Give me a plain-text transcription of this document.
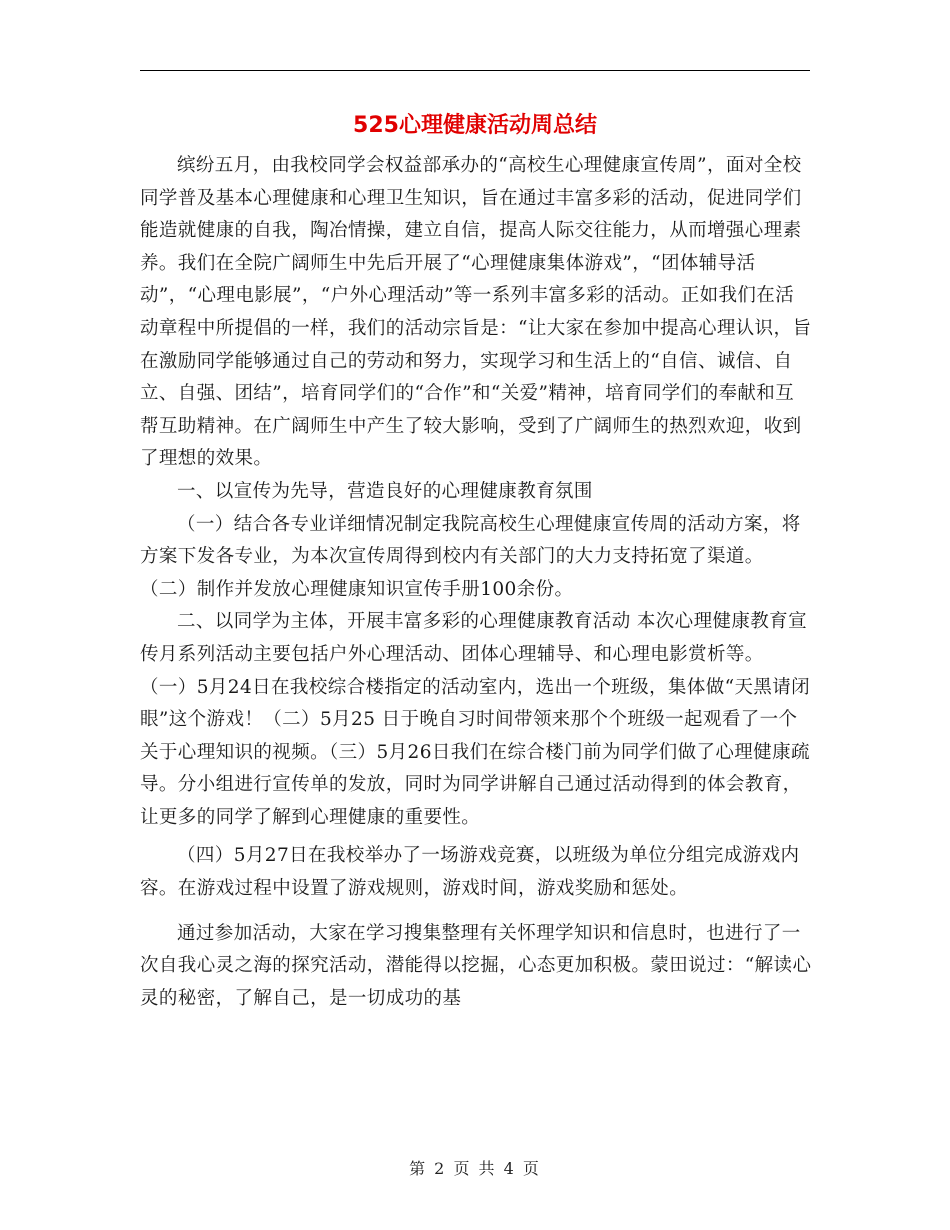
525心理健康活动周总结

缤纷五月，由我校同学会权益部承办的“高校生心理健康宣传周”，面对全校同学普及基本心理健康和心理卫生知识，旨在通过丰富多彩的活动，促进同学们能造就健康的自我，陶冶情操，建立自信，提高人际交往能力，从而增强心理素养。我们在全院广阔师生中先后开展了“心理健康集体游戏”，“团体辅导活动”，“心理电影展”，“户外心理活动”等一系列丰富多彩的活动。正如我们在活动章程中所提倡的一样，我们的活动宗旨是：“让大家在参加中提高心理认识，旨在激励同学能够通过自己的劳动和努力，实现学习和生活上的“自信、诚信、自立、自强、团结”，培育同学们的“合作”和“关爱”精神，培育同学们的奉献和互帮互助精神。在广阔师生中产生了较大影响，受到了广阔师生的热烈欢迎，收到了理想的效果。

一、以宣传为先导，营造良好的心理健康教育氛围

（一）结合各专业详细情况制定我院高校生心理健康宣传周的活动方案，将方案下发各专业，为本次宣传周得到校内有关部门的大力支持拓宽了渠道。 （二）制作并发放心理健康知识宣传手册100余份。

二、以同学为主体，开展丰富多彩的心理健康教育活动 本次心理健康教育宣传月系列活动主要包括户外心理活动、团体心理辅导、和心理电影赏析等。 （一）5月24日在我校综合楼指定的活动室内，选出一个班级，集体做“天黑请闭眼”这个游戏！（二）5月25 日于晚自习时间带领来那个个班级一起观看了一个关于心理知识的视频。（三）5月26日我们在综合楼门前为同学们做了心理健康疏导。分小组进行宣传单的发放，同时为同学讲解自己通过活动得到的体会教育，让更多的同学了解到心理健康的重要性。

（四）5月27日在我校举办了一场游戏竞赛，以班级为单位分组完成游戏内容。在游戏过程中设置了游戏规则，游戏时间，游戏奖励和惩处。

通过参加活动，大家在学习搜集整理有关怀理学知识和信息时，也进行了一次自我心灵之海的探究活动，潜能得以挖掘，心态更加积极。蒙田说过：“解读心灵的秘密，了解自己，是一切成功的基

第 2 页 共 4 页
